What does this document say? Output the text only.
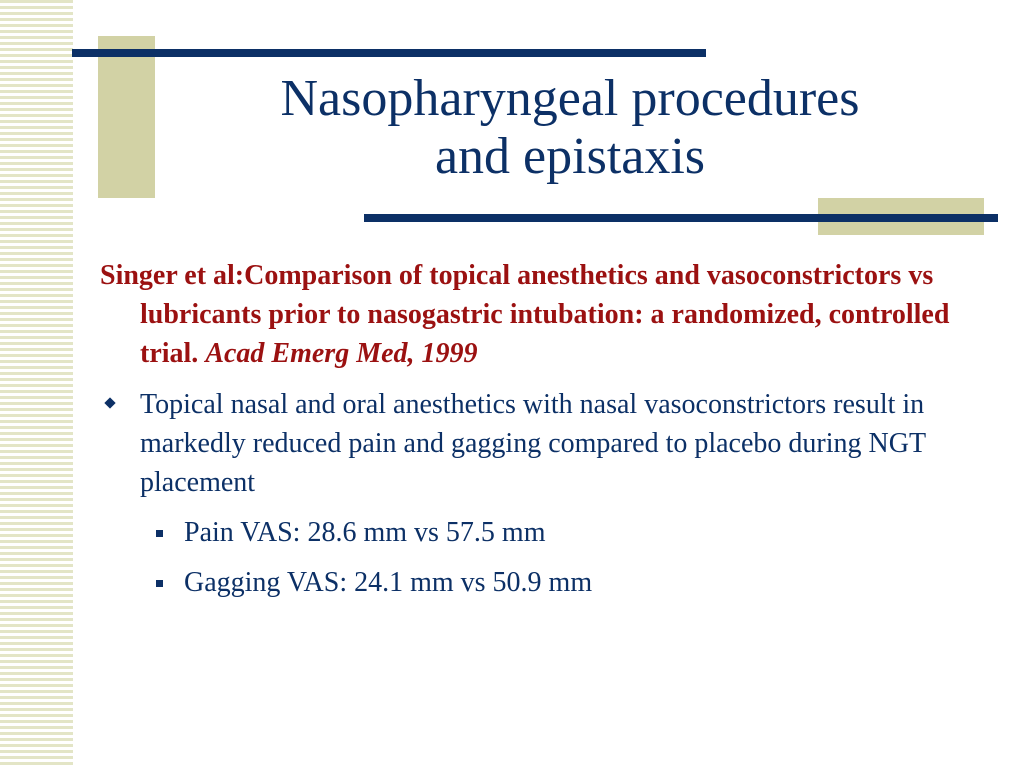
Nasopharyngeal procedures
and epistaxis

Singer et al:Comparison of topical anesthetics and vasoconstrictors vs lubricants prior to nasogastric intubation: a randomized, controlled trial. Acad Emerg Med, 1999

Topical nasal and oral anesthetics with nasal vasoconstrictors result in markedly reduced pain and gagging compared to placebo during NGT placement
Pain VAS: 28.6 mm vs 57.5 mm
Gagging VAS: 24.1 mm vs 50.9 mm
